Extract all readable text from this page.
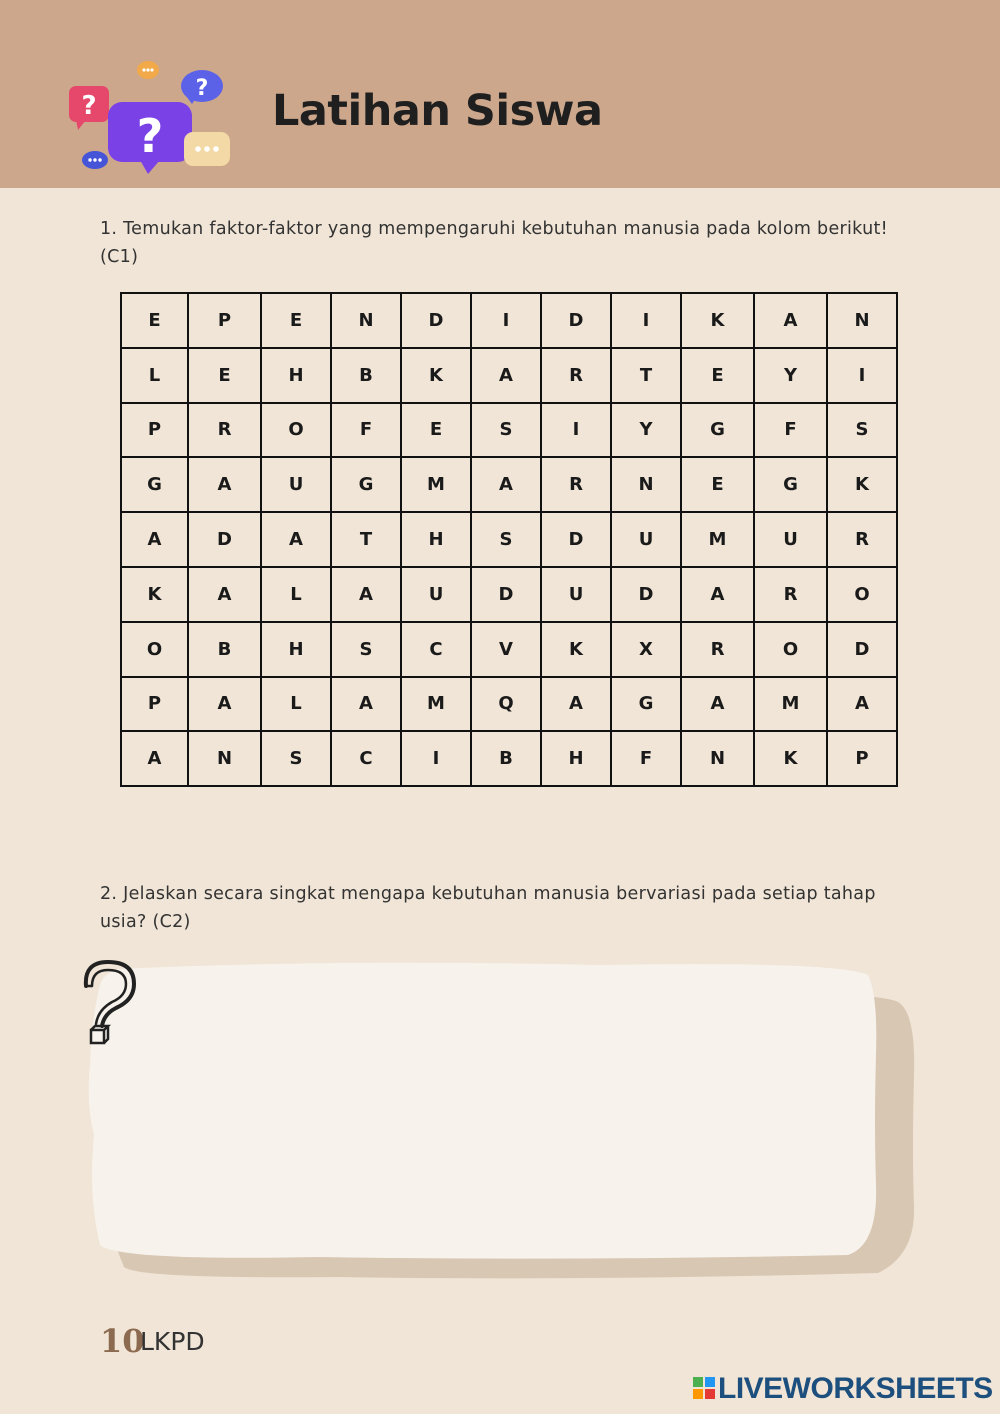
?
?
?	Latihan Siswa
1. Temukan faktor-faktor yang mempengaruhi kebutuhan manusia pada kolom berikut! (C1)
E	P	E	N	D	I	D	I	K	A	N
L	E	H	B	K	A	R	T	E	Y	I
P	R	O	F	E	S	I	Y	G	F	S
G	A	U	G	M	A	R	N	E	G	K
A	D	A	T	H	S	D	U	M	U	R
K	A	L	A	U	D	U	D	A	R	O
O	B	H	S	C	V	K	X	R	O	D
P	A	L	A	M	Q	A	G	A	M	A
A	N	S	C	I	B	H	F	N	K	P
2. Jelaskan secara singkat mengapa kebutuhan manusia bervariasi pada setiap tahap usia? (C2)
10
LKPD
LIVEWORKSHEETS
